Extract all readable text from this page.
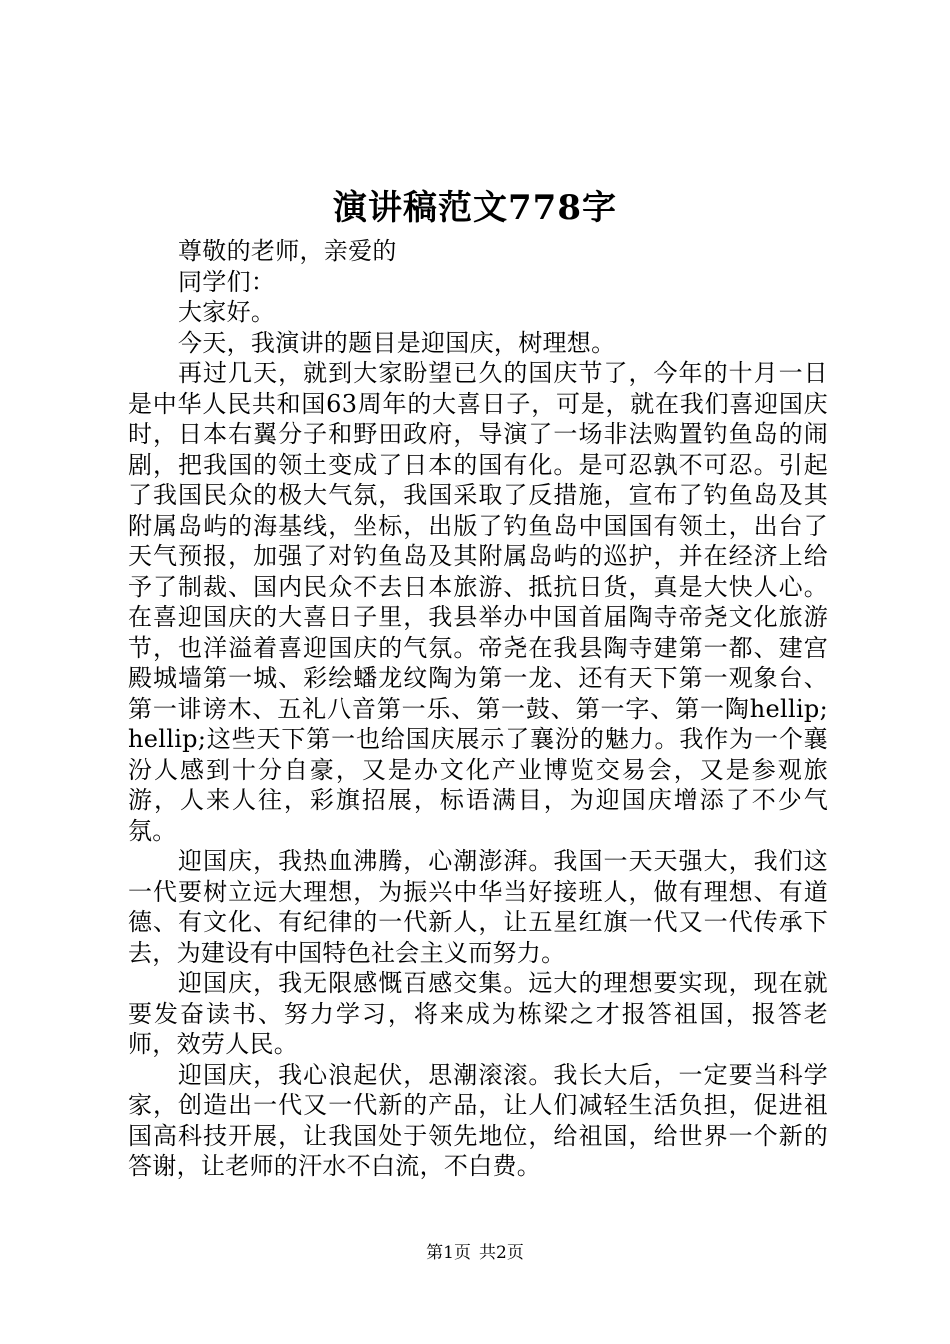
演讲稿范文778字

尊敬的老师，亲爱的

同学们：

大家好。

今天，我演讲的题目是迎国庆，树理想。

再过几天，就到大家盼望已久的国庆节了，今年的十月一日是中华人民共和国63周年的大喜日子，可是，就在我们喜迎国庆时，日本右翼分子和野田政府，导演了一场非法购置钓鱼岛的闹剧，把我国的领土变成了日本的国有化。是可忍孰不可忍。引起了我国民众的极大气氛，我国采取了反措施，宣布了钓鱼岛及其附属岛屿的海基线，坐标，出版了钓鱼岛中国国有领土，出台了天气预报，加强了对钓鱼岛及其附属岛屿的巡护，并在经济上给予了制裁、国内民众不去日本旅游、抵抗日货，真是大快人心。在喜迎国庆的大喜日子里，我县举办中国首届陶寺帝尧文化旅游节，也洋溢着喜迎国庆的气氛。帝尧在我县陶寺建第一都、建宫殿城墙第一城、彩绘蟠龙纹陶为第一龙、还有天下第一观象台、第一诽谤木、五礼八音第一乐、第一鼓、第一字、第一陶hellip;hellip;这些天下第一也给国庆展示了襄汾的魅力。我作为一个襄汾人感到十分自豪，又是办文化产业博览交易会，又是参观旅游，人来人往，彩旗招展，标语满目，为迎国庆增添了不少气氛。

迎国庆，我热血沸腾，心潮澎湃。我国一天天强大，我们这一代要树立远大理想，为振兴中华当好接班人，做有理想、有道德、有文化、有纪律的一代新人，让五星红旗一代又一代传承下去，为建设有中国特色社会主义而努力。

迎国庆，我无限感慨百感交集。远大的理想要实现，现在就要发奋读书、努力学习，将来成为栋梁之才报答祖国，报答老师，效劳人民。

迎国庆，我心浪起伏，思潮滚滚。我长大后，一定要当科学家，创造出一代又一代新的产品，让人们减轻生活负担，促进祖国高科技开展，让我国处于领先地位，给祖国，给世界一个新的答谢，让老师的汗水不白流，不白费。

第1页 共2页
